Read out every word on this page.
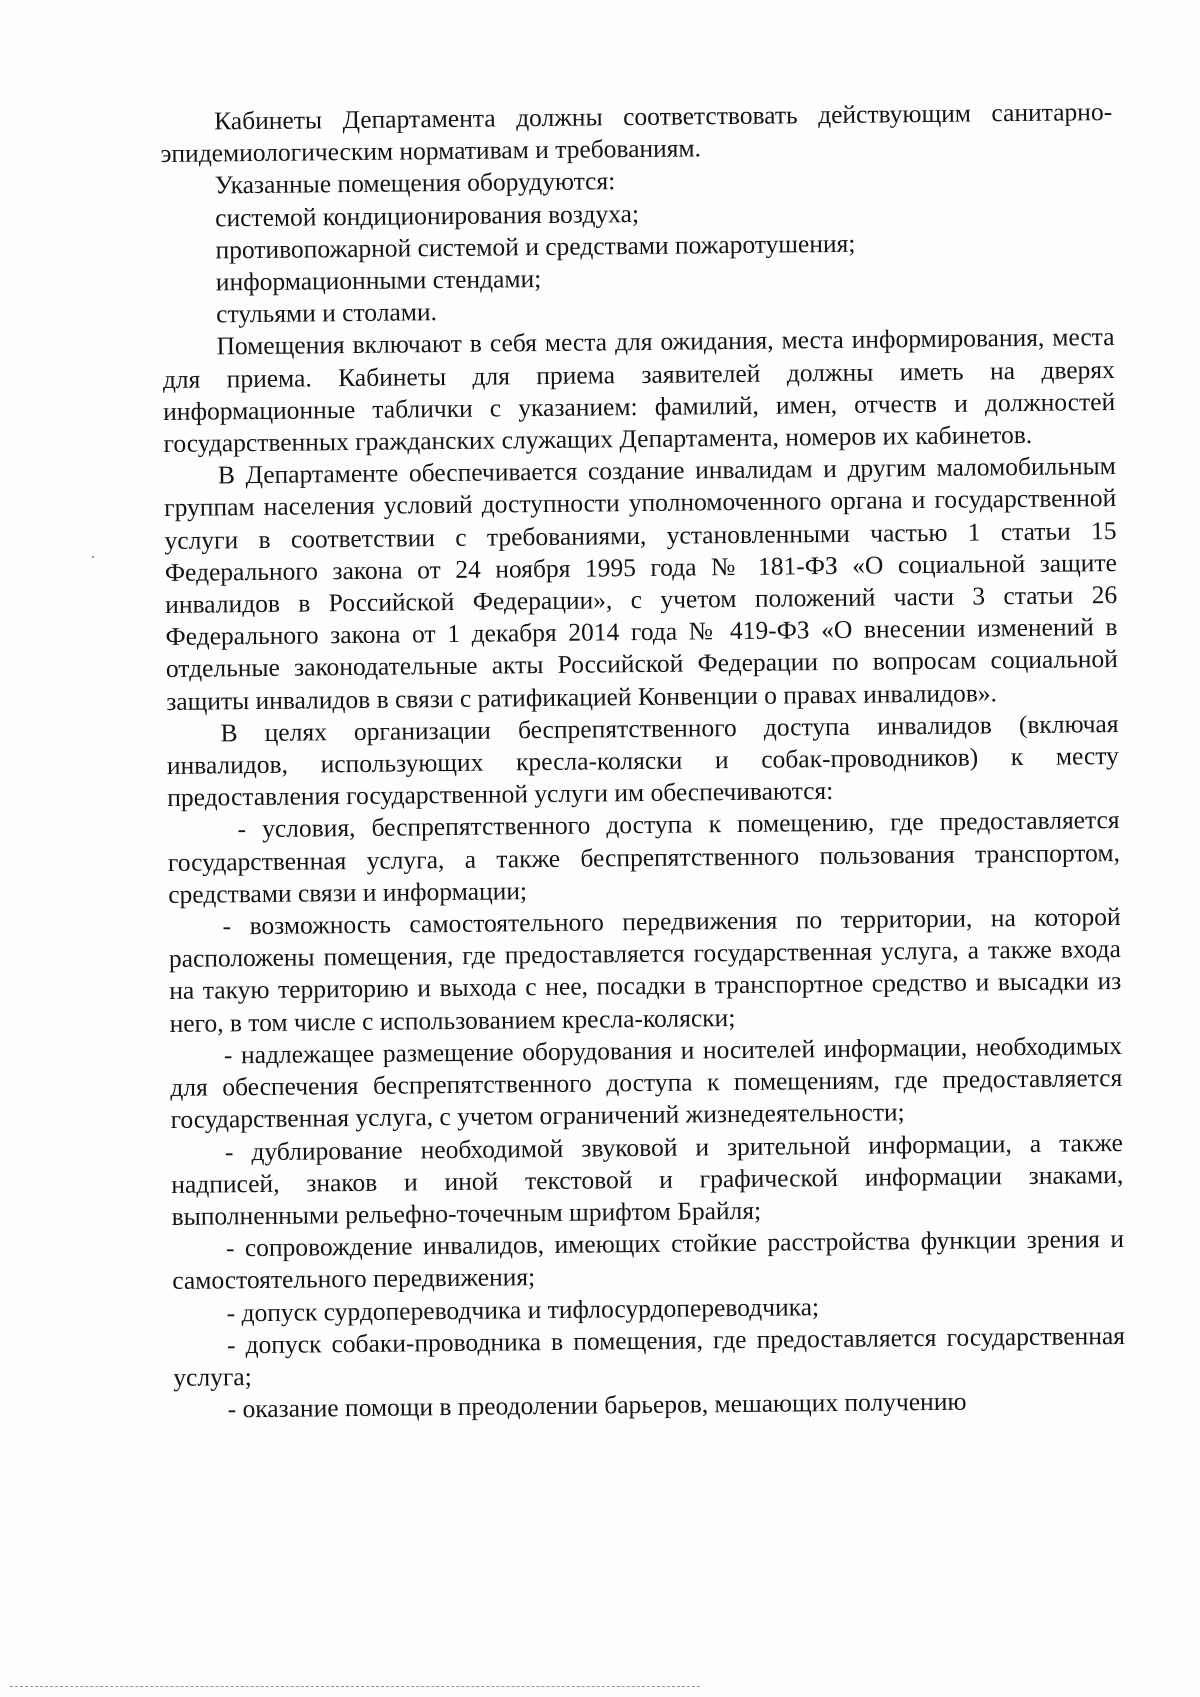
Кабинеты Департамента должны соответствовать действующим санитарно-эпидемиологическим нормативам и требованиям.

Указанные помещения оборудуются:

системой кондиционирования воздуха;

противопожарной системой и средствами пожаротушения;

информационными стендами;

стульями и столами.

Помещения включают в себя места для ожидания, места информирования, места для приема. Кабинеты для приема заявителей должны иметь на дверях информационные таблички с указанием: фамилий, имен, отчеств и должностей государственных гражданских служащих Департамента, номеров их кабинетов.

В Департаменте обеспечивается создание инвалидам и другим маломобильным группам населения условий доступности уполномоченного органа и государственной услуги в соответствии с требованиями, установленными частью 1 статьи 15 Федерального закона от 24 ноября 1995 года № 181-ФЗ «О социальной защите инвалидов в Российской Федерации», с учетом положений части 3 статьи 26 Федерального закона от 1 декабря 2014 года № 419-ФЗ «О внесении изменений в отдельные законодательные акты Российской Федерации по вопросам социальной защиты инвалидов в связи с ратификацией Конвенции о правах инвалидов».

В целях организации беспрепятственного доступа инвалидов (включая инвалидов, использующих кресла-коляски и собак-проводников) к месту предоставления государственной услуги им обеспечиваются:

- условия, беспрепятственного доступа к помещению, где предоставляется государственная услуга, а также беспрепятственного пользования транспортом, средствами связи и информации;

- возможность самостоятельного передвижения по территории, на которой расположены помещения, где предоставляется государственная услуга, а также входа на такую территорию и выхода с нее, посадки в транспортное средство и высадки из него, в том числе с использованием кресла-коляски;

- надлежащее размещение оборудования и носителей информации, необходимых для обеспечения беспрепятственного доступа к помещениям, где предоставляется государственная услуга, с учетом ограничений жизнедеятельности;

- дублирование необходимой звуковой и зрительной информации, а также надписей, знаков и иной текстовой и графической информации знаками, выполненными рельефно-точечным шрифтом Брайля;

- сопровождение инвалидов, имеющих стойкие расстройства функции зрения и самостоятельного передвижения;

- допуск сурдопереводчика и тифлосурдопереводчика;

- допуск собаки-проводника в помещения, где предоставляется государственная услуга;

- оказание помощи в преодолении барьеров, мешающих получению
